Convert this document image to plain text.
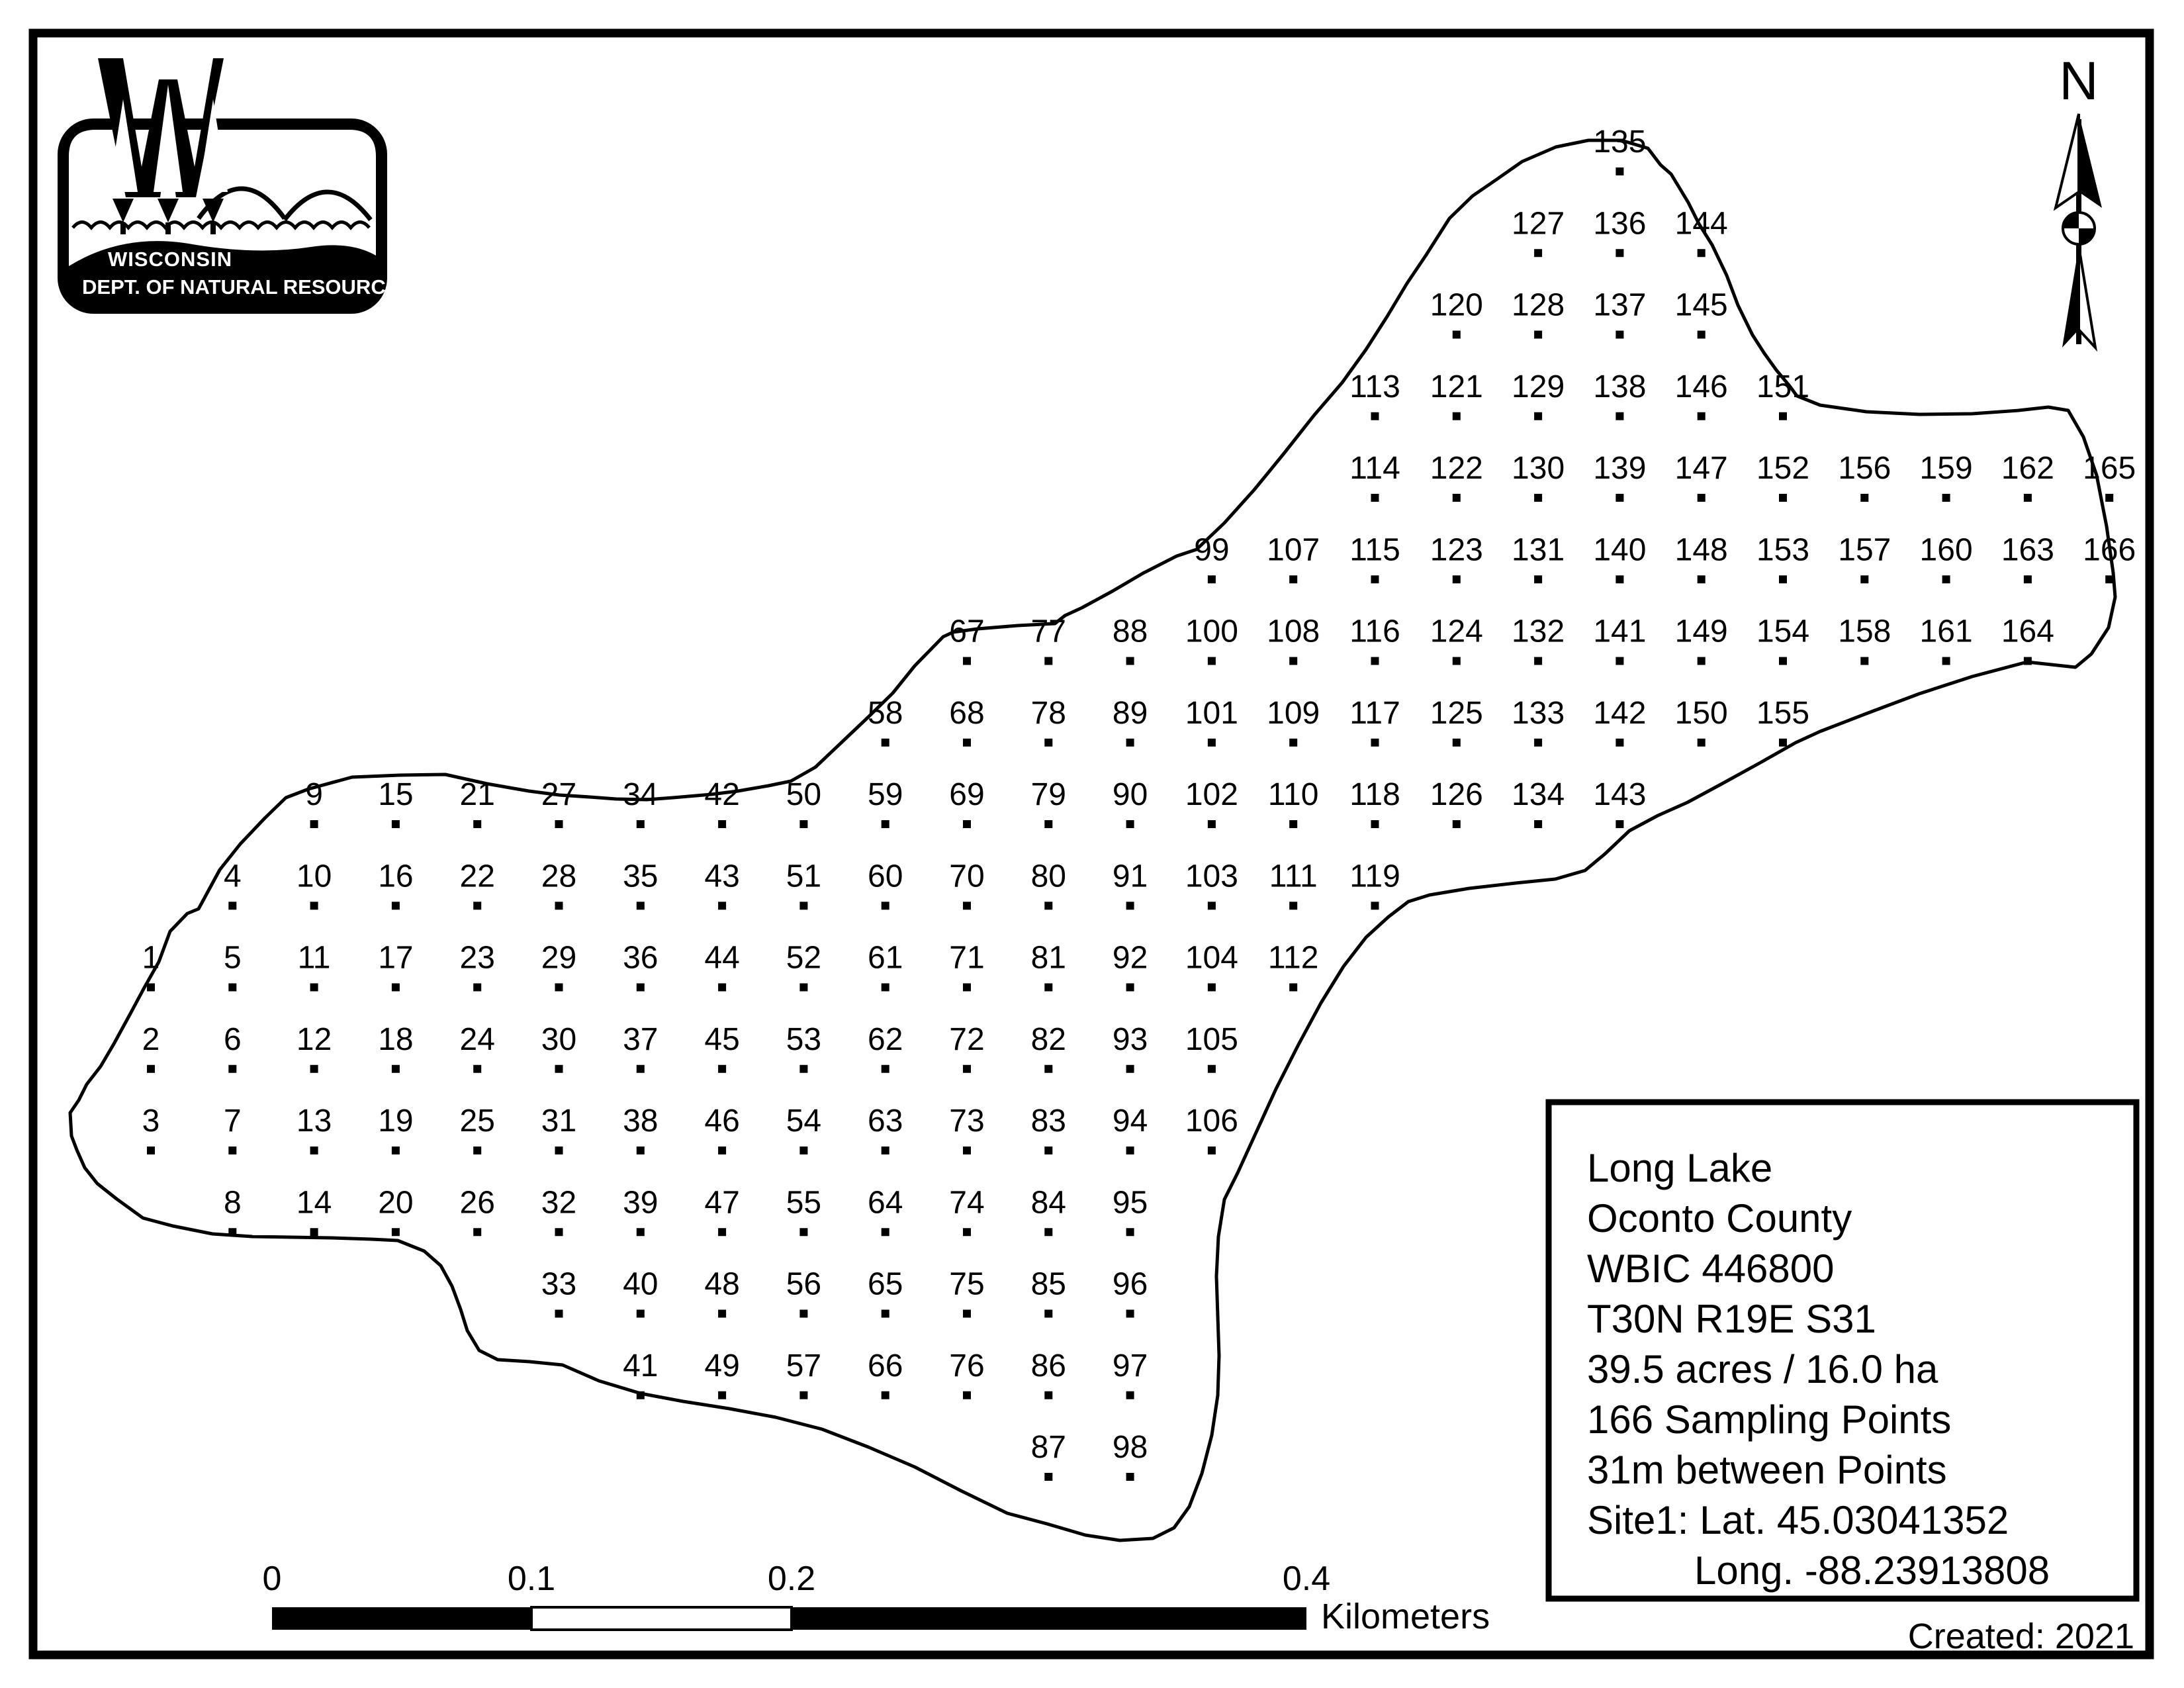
1
2
3
4
5
6
7
8
9
10
11
12
13
14
15
16
17
18
19
20
21
22
23
24
25
26
27
28
29
30
31
32
33
34
35
36
37
38
39
40
41
42
43
44
45
46
47
48
49
50
51
52
53
54
55
56
57
58
59
60
61
62
63
64
65
66
67
68
69
70
71
72
73
74
75
76
77
78
79
80
81
82
83
84
85
86
87
88
89
90
91
92
93
94
95
96
97
98
99
100
101
102
103
104
105
106
107
108
109
110
111
112
113
114
115
116
117
118
119
120
121
122
123
124
125
126
127
128
129
130
131
132
133
134
135
136
137
138
139
140
141
142
143
144
145
146
147
148
149
150
151
152
153
154
155
156
157
158
159
160
161
162
163
164
165
166
WISCONSIN
DEPT. OF NATURAL RESOURCES
N
0	0.1	0.2	0.4
Kilometers
Long Lake
Oconto County
WBIC 446800
T30N R19E S31
39.5 acres / 16.0 ha
166 Sampling Points
31m between Points
Site1: Lat. 45.03041352
Long. -88.23913808
Created: 2021
